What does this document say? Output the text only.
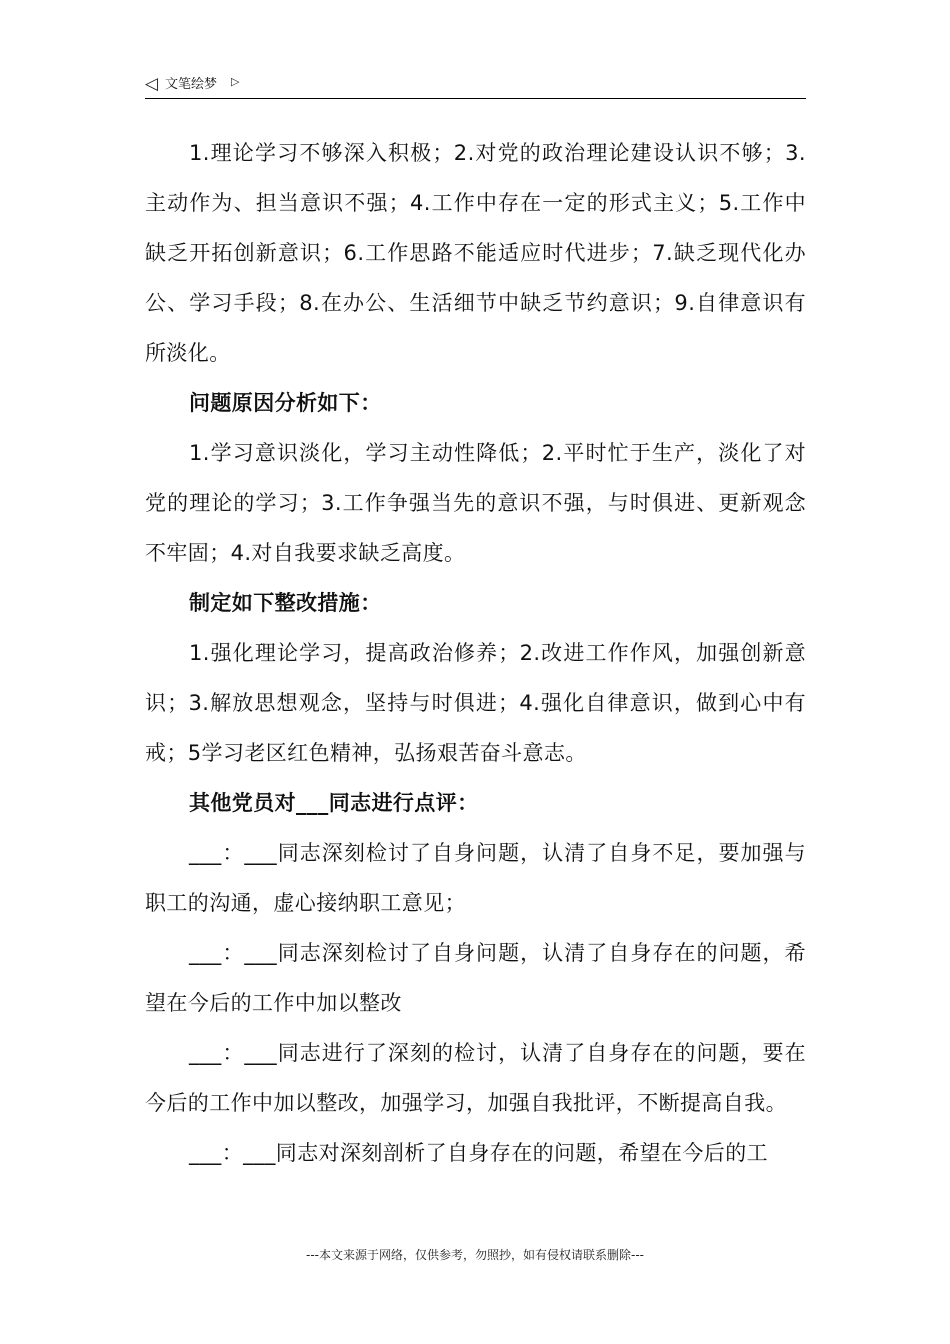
◁ 文笔绘梦 ▷

1.理论学习不够深入积极；2.对党的政治理论建设认识不够；3.主动作为、担当意识不强；4.工作中存在一定的形式主义；5.工作中缺乏开拓创新意识；6.工作思路不能适应时代进步；7.缺乏现代化办公、学习手段；8.在办公、生活细节中缺乏节约意识；9.自律意识有所淡化。

问题原因分析如下：

1.学习意识淡化，学习主动性降低；2.平时忙于生产，淡化了对党的理论的学习；3.工作争强当先的意识不强，与时俱进、更新观念不牢固；4.对自我要求缺乏高度。

制定如下整改措施：

1.强化理论学习，提高政治修养；2.改进工作作风，加强创新意识；3.解放思想观念，坚持与时俱进；4.强化自律意识，做到心中有戒；5学习老区红色精神，弘扬艰苦奋斗意志。

其他党员对___同志进行点评：

___：___同志深刻检讨了自身问题，认清了自身不足，要加强与职工的沟通，虚心接纳职工意见；

___：___同志深刻检讨了自身问题，认清了自身存在的问题，希望在今后的工作中加以整改

___：___同志进行了深刻的检讨，认清了自身存在的问题，要在今后的工作中加以整改，加强学习，加强自我批评，不断提高自我。

___：___同志对深刻剖析了自身存在的问题，希望在今后的工

---本文来源于网络，仅供参考，勿照抄，如有侵权请联系删除---
